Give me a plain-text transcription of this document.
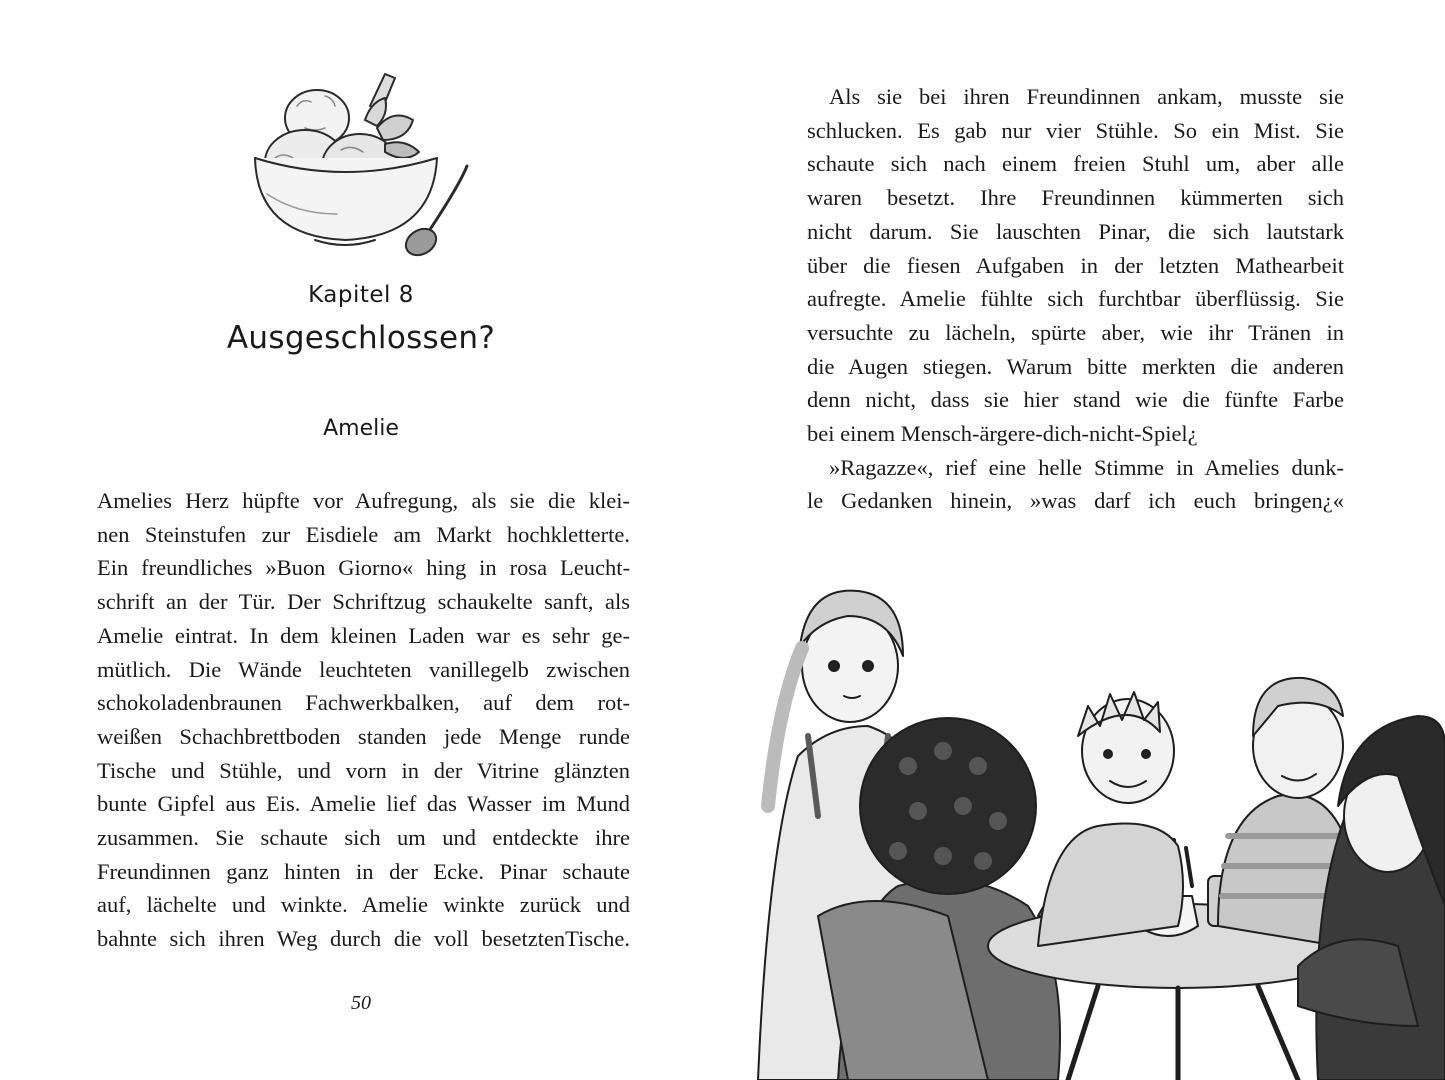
Kapitel 8
Ausgeschlossen?
Amelie
Amelies Herz hüpfte vor Aufregung, als sie die klei-
nen Steinstufen zur Eisdiele am Markt hochkletterte.
Ein freundliches »Buon Giorno« hing in rosa Leucht-
schrift an der Tür. Der Schriftzug schaukelte sanft, als
Amelie eintrat. In dem kleinen Laden war es sehr ge-
mütlich. Die Wände leuchteten vanillegelb zwischen
schokoladenbraunen Fachwerkbalken, auf dem rot-
weißen Schachbrettboden standen jede Menge runde
Tische und Stühle, und vorn in der Vitrine glänzten
bunte Gipfel aus Eis. Amelie lief das Wasser im Mund
zusammen. Sie schaute sich um und entdeckte ihre
Freundinnen ganz hinten in der Ecke. Pinar schaute
auf, lächelte und winkte. Amelie winkte zurück und
bahnte sich ihren Weg durch die voll besetztenTische.
50
Als sie bei ihren Freundinnen ankam, musste sie
schlucken. Es gab nur vier Stühle. So ein Mist. Sie
schaute sich nach einem freien Stuhl um, aber alle
waren besetzt. Ihre Freundinnen kümmerten sich
nicht darum. Sie lauschten Pinar, die sich lautstark
über die fiesen Aufgaben in der letzten Mathearbeit
aufregte. Amelie fühlte sich furchtbar überflüssig. Sie
versuchte zu lächeln, spürte aber, wie ihr Tränen in
die Augen stiegen. Warum bitte merkten die anderen
denn nicht, dass sie hier stand wie die fünfte Farbe
bei einem Mensch-ärgere-dich-nicht-Spiel¿
»Ragazze«, rief eine helle Stimme in Amelies dunk-
le Gedanken hinein, »was darf ich euch bringen¿«
